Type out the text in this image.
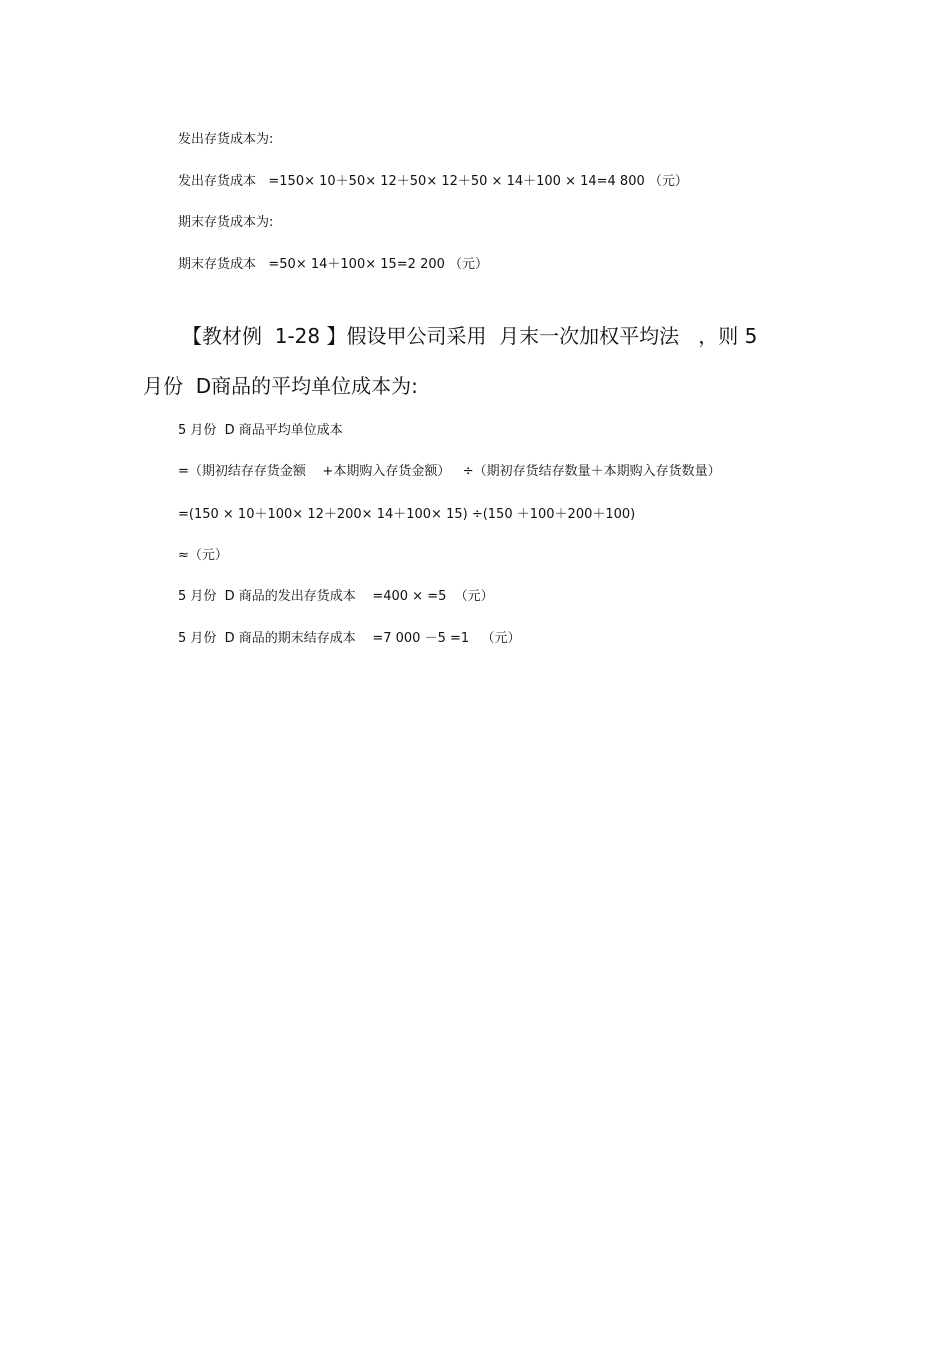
发出存货成本为:

发出存货成本   =150× 10＋50× 12＋50× 12＋50 × 14＋100 × 14=4 800 （元）

期末存货成本为:

期末存货成本   =50× 14＋100× 15=2 200 （元）

【教材例  1-28 】假设甲公司采用  月末一次加权平均法   ，则 5

月份  D商品的平均单位成本为:

5 月份  D 商品平均单位成本

=（期初结存存货金额    +本期购入存货金额）   ÷（期初存货结存数量＋本期购入存货数量）

=(150 × 10＋100× 12＋200× 14＋100× 15) ÷(150 ＋100＋200＋100)

≈（元）

5 月份  D 商品的发出存货成本    =400 × =5  （元）

5 月份  D 商品的期末结存成本    =7 000 －5 =1   （元）
